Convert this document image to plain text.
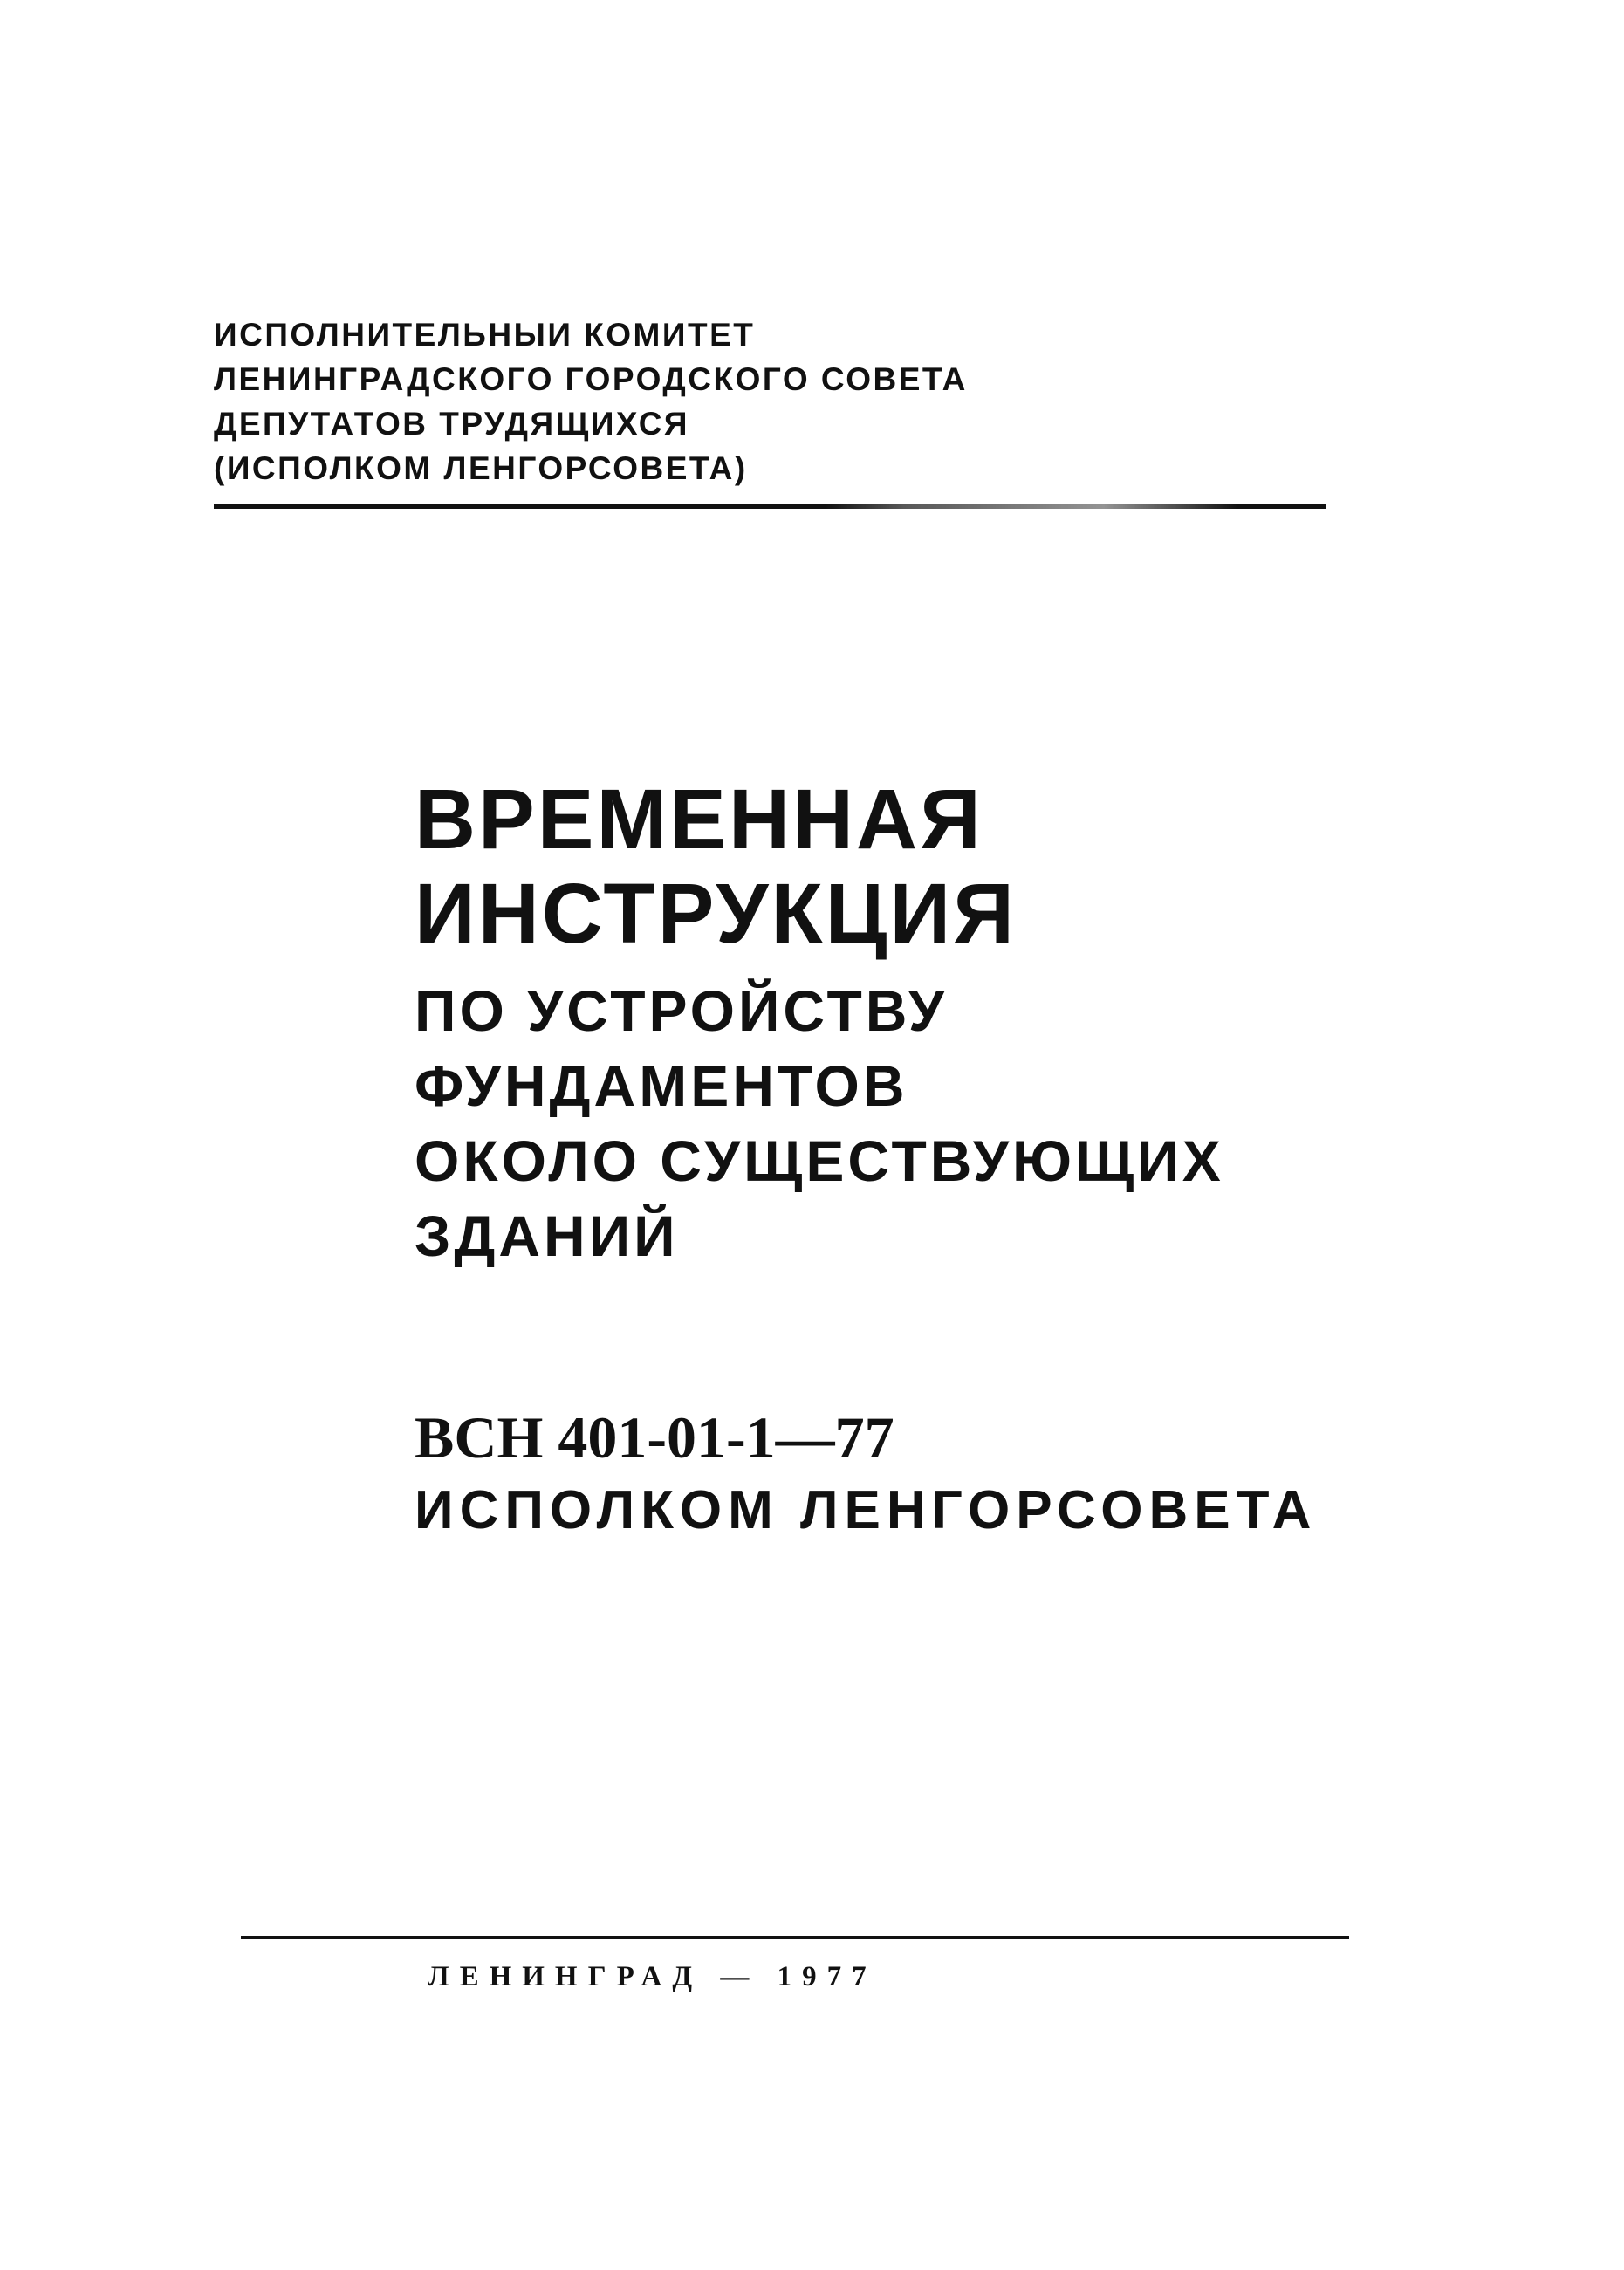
ИСПОЛНИТЕЛЬНЫИ КОМИТЕТ
ЛЕНИНГРАДСКОГО ГОРОДСКОГО СОВЕТА
ДЕПУТАТОВ ТРУДЯЩИХСЯ
(ИСПОЛКОМ ЛЕНГОРСОВЕТА)
ВРЕМЕННАЯ
ИНСТРУКЦИЯ
ПО УСТРОЙСТВУ
ФУНДАМЕНТОВ
ОКОЛО СУЩЕСТВУЮЩИХ
ЗДАНИЙ
ВСН 401-01-1—77
ИСПОЛКОМ ЛЕНГОРСОВЕТА
ЛЕНИНГРАД — 1977
